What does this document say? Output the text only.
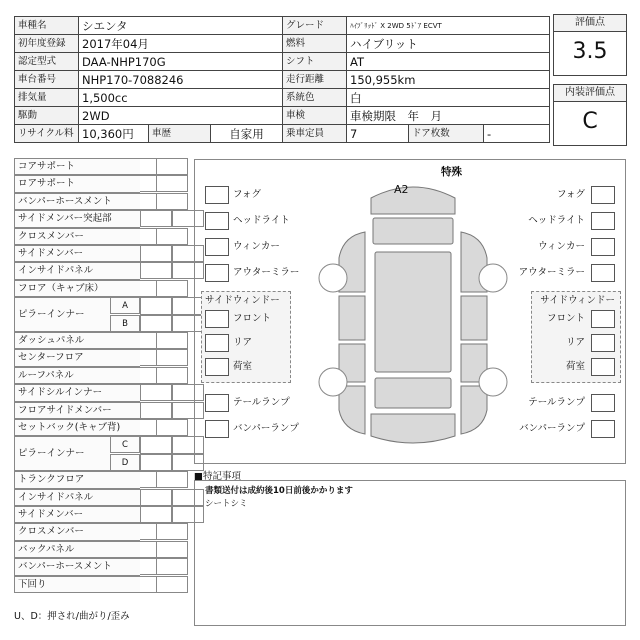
車種名	シエンタ			グレード	ﾊｲﾌﾞﾘｯﾄﾞ X 2WD 5ﾄﾞｱ ECVT		
初年度登録	2017年04月			燃料	ハイブリット		
認定型式	DAA-NHP170G			シフト	AT		
車台番号	NHP170-7088246			走行距離	150,955km		
排気量	1,500cc			系統色	白		
駆動	2WD			車検	車検期限　年　月		
リサイクル料	10,360円	車歴	自家用	乗車定員	7	ドア枚数	-
評価点
3.5
内装評価点
C
コアサポート
ロアサポート
バンパーホースメント
サイドメンバー突起部
クロスメンバー
サイドメンバー
インサイドパネル
フロア（キャブ床）
ピラーインナー
A
B
ダッシュパネル
センターフロア
ルーフパネル
サイドシルインナー
フロアサイドメンバー
セットバック(キャブ背)
ピラーインナー
C
D
トランクフロア
インサイドパネル
サイドメンバー
クロスメンバー
バックパネル
バンパーホースメント
下回り
U、D：押され/曲がり/歪み
特殊
A2
フォグ
ヘッドライト
ウィンカー
アウターミラー
サイドウィンドー
フロント
リア
荷室
テールランプ
バンパーランプ
フォグ
ヘッドライト
ウィンカー
アウターミラー
サイドウィンドー
フロント
リア
荷室
テールランプ
バンパーランプ
■特記事項
書類送付は成約後10日前後かかります
シートシミ
